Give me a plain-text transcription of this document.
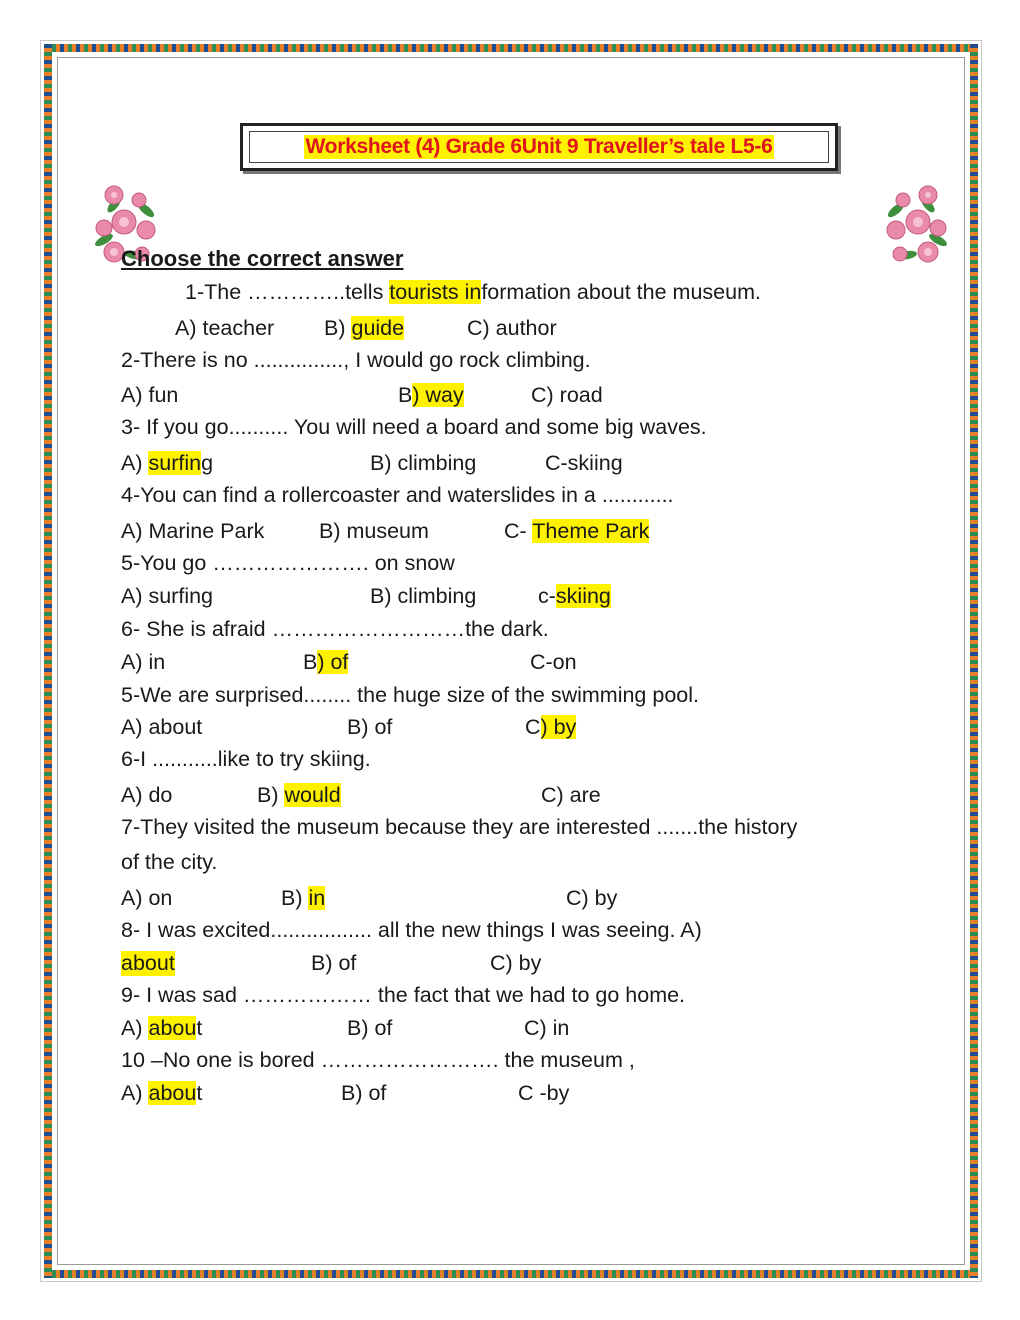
Worksheet (4) Grade 6Unit 9 Traveller’s tale L5-6
Choose the correct answer
1-The …………..tells tourists information about the museum.
A) teacher B) guide	C) author
2-There is no ..............., I would go rock climbing.
A) fun	B) way	C) road
3- If you go.......... You will need a board and some big waves.
A) surfing	B) climbing	C-skiing
4-You can find a rollercoaster and waterslides in a ............
A) Marine Park	B) museum	C- Theme Park
5-You go …………………. on snow
A) surfing	B) climbing	c-skiing
6- She is afraid ………………………the dark.
A) in	B) of	C-on
5-We are surprised........ the huge size of the swimming pool.
A) about	B) of	C) by
6-I ...........like to try skiing.
A) do	B) would	C) are
7-They visited the museum because they are interested .......the history
of the city.
A) on	B) in	C) by
8- I was excited................. all the new things I was seeing. A)
about	B) of	C) by
9- I was sad ……………… the fact that we had to go home.
A) about	B) of	C) in
10 –No one is bored ……………………. the museum ,
A) about	B) of	C -by
